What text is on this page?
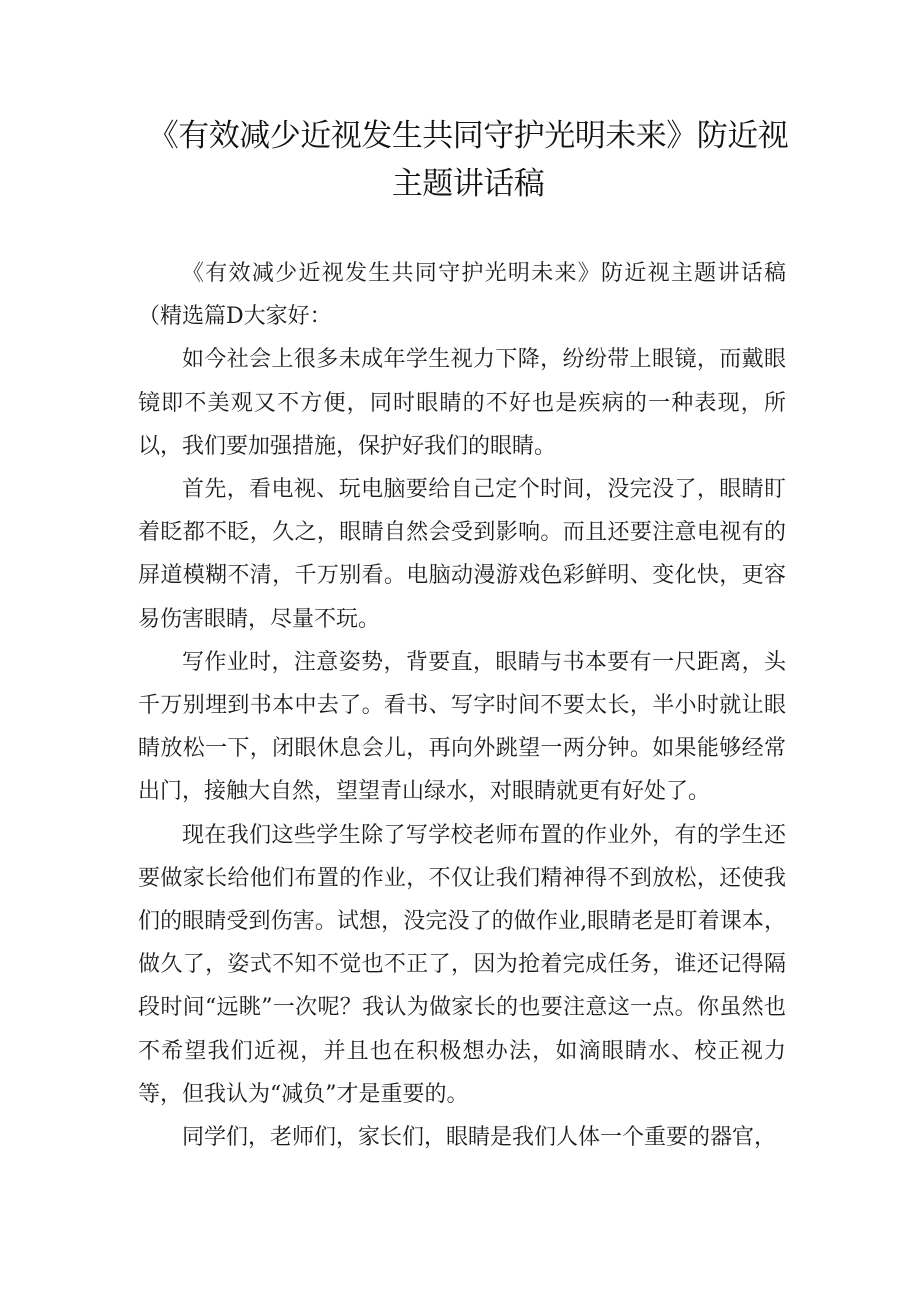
《有效减少近视发生共同守护光明未来》防近视
主题讲话稿

《有效减少近视发生共同守护光明未来》防近视主题讲话稿（精选篇D大家好：

如今社会上很多未成年学生视力下降，纷纷带上眼镜，而戴眼镜即不美观又不方便，同时眼睛的不好也是疾病的一种表现，所以，我们要加强措施，保护好我们的眼睛。

首先，看电视、玩电脑要给自己定个时间，没完没了，眼睛盯着眨都不眨，久之，眼睛自然会受到影响。而且还要注意电视有的屏道模糊不清，千万别看。电脑动漫游戏色彩鲜明、变化快，更容易伤害眼睛，尽量不玩。

写作业时，注意姿势，背要直，眼睛与书本要有一尺距离，头千万别埋到书本中去了。看书、写字时间不要太长，半小时就让眼睛放松一下，闭眼休息会儿，再向外跳望一两分钟。如果能够经常出门，接触大自然，望望青山绿水，对眼睛就更有好处了。

现在我们这些学生除了写学校老师布置的作业外，有的学生还要做家长给他们布置的作业，不仅让我们精神得不到放松，还使我们的眼睛受到伤害。试想，没完没了的做作业,眼睛老是盯着课本，做久了，姿式不知不觉也不正了，因为抢着完成任务，谁还记得隔段时间“远眺”一次呢？我认为做家长的也要注意这一点。你虽然也不希望我们近视，并且也在积极想办法，如滴眼睛水、校正视力等，但我认为“减负”才是重要的。

同学们，老师们，家长们，眼睛是我们人体一个重要的器官，
